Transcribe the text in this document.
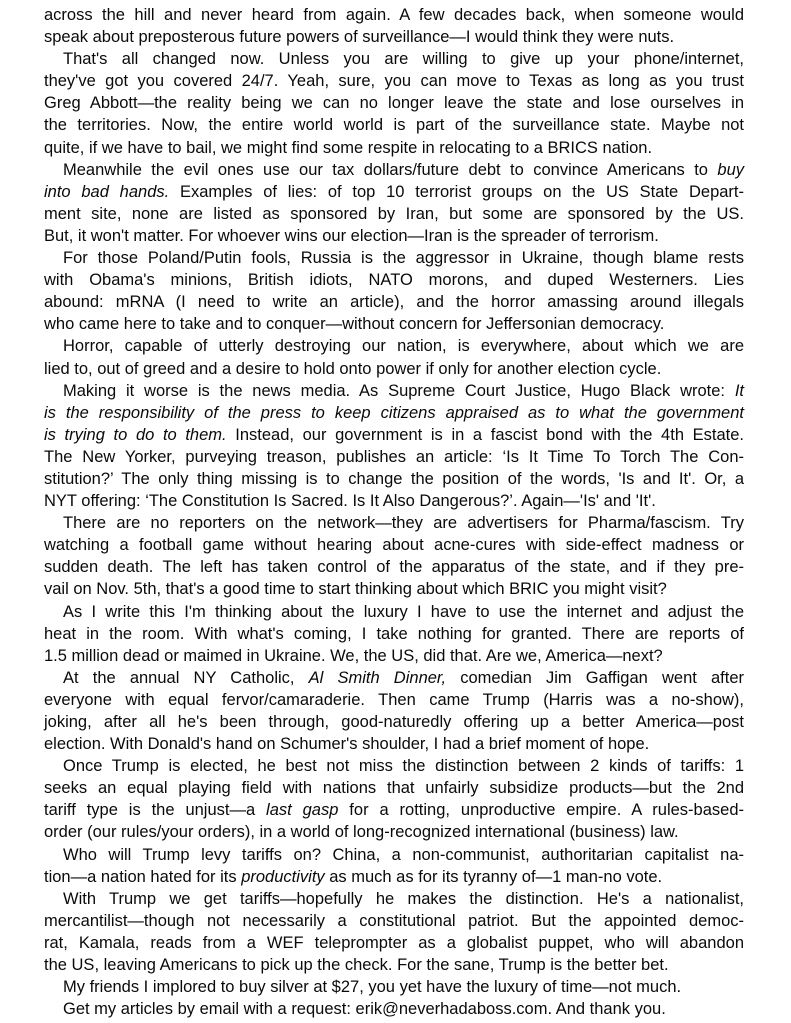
across the hill and never heard from again. A few decades back, when someone would
speak about preposterous future powers of surveillance—I would think they were nuts.
That's all changed now. Unless you are willing to give up your phone/internet,
they've got you covered 24/7. Yeah, sure, you can move to Texas as long as you trust
Greg Abbott—the reality being we can no longer leave the state and lose ourselves in
the territories. Now, the entire world world is part of the surveillance state. Maybe not
quite, if we have to bail, we might find some respite in relocating to a BRICS nation.
Meanwhile the evil ones use our tax dollars/future debt to convince Americans to buy
into bad hands. Examples of lies: of top 10 terrorist groups on the US State Depart-
ment site, none are listed as sponsored by Iran, but some are sponsored by the US.
But, it won't matter. For whoever wins our election—Iran is the spreader of terrorism.
For those Poland/Putin fools, Russia is the aggressor in Ukraine, though blame rests
with Obama's minions, British idiots, NATO morons, and duped Westerners. Lies
abound: mRNA (I need to write an article), and the horror amassing around illegals
who came here to take and to conquer—without concern for Jeffersonian democracy.
Horror, capable of utterly destroying our nation, is everywhere, about which we are
lied to, out of greed and a desire to hold onto power if only for another election cycle.
Making it worse is the news media. As Supreme Court Justice, Hugo Black wrote: It
is the responsibility of the press to keep citizens appraised as to what the government
is trying to do to them. Instead, our government is in a fascist bond with the 4th Estate.
The New Yorker, purveying treason, publishes an article: ‘Is It Time To Torch The Con-
stitution?’ The only thing missing is to change the position of the words, 'Is and It'. Or, a
NYT offering: ‘The Constitution Is Sacred. Is It Also Dangerous?’. Again—'Is' and 'It'.
There are no reporters on the network—they are advertisers for Pharma/fascism. Try
watching a football game without hearing about acne-cures with side-effect madness or
sudden death. The left has taken control of the apparatus of the state, and if they pre-
vail on Nov. 5th, that's a good time to start thinking about which BRIC you might visit?
As I write this I'm thinking about the luxury I have to use the internet and adjust the
heat in the room. With what's coming, I take nothing for granted. There are reports of
1.5 million dead or maimed in Ukraine. We, the US, did that. Are we, America—next?
At the annual NY Catholic, Al Smith Dinner, comedian Jim Gaffigan went after
everyone with equal fervor/camaraderie. Then came Trump (Harris was a no-show),
joking, after all he's been through, good-naturedly offering up a better America—post
election. With Donald's hand on Schumer's shoulder, I had a brief moment of hope.
Once Trump is elected, he best not miss the distinction between 2 kinds of tariffs: 1
seeks an equal playing field with nations that unfairly subsidize products—but the 2nd
tariff type is the unjust—a last gasp for a rotting, unproductive empire. A rules-based-
order (our rules/your orders), in a world of long-recognized international (business) law.
Who will Trump levy tariffs on? China, a non-communist, authoritarian capitalist na-
tion—a nation hated for its productivity as much as for its tyranny of—1 man-no vote.
With Trump we get tariffs—hopefully he makes the distinction. He's a nationalist,
mercantilist—though not necessarily a constitutional patriot. But the appointed democ-
rat, Kamala, reads from a WEF teleprompter as a globalist puppet, who will abandon
the US, leaving Americans to pick up the check. For the sane, Trump is the better bet.
My friends I implored to buy silver at $27, you yet have the luxury of time—not much.
Get my articles by email with a request: erik@neverhadaboss.com. And thank you.
